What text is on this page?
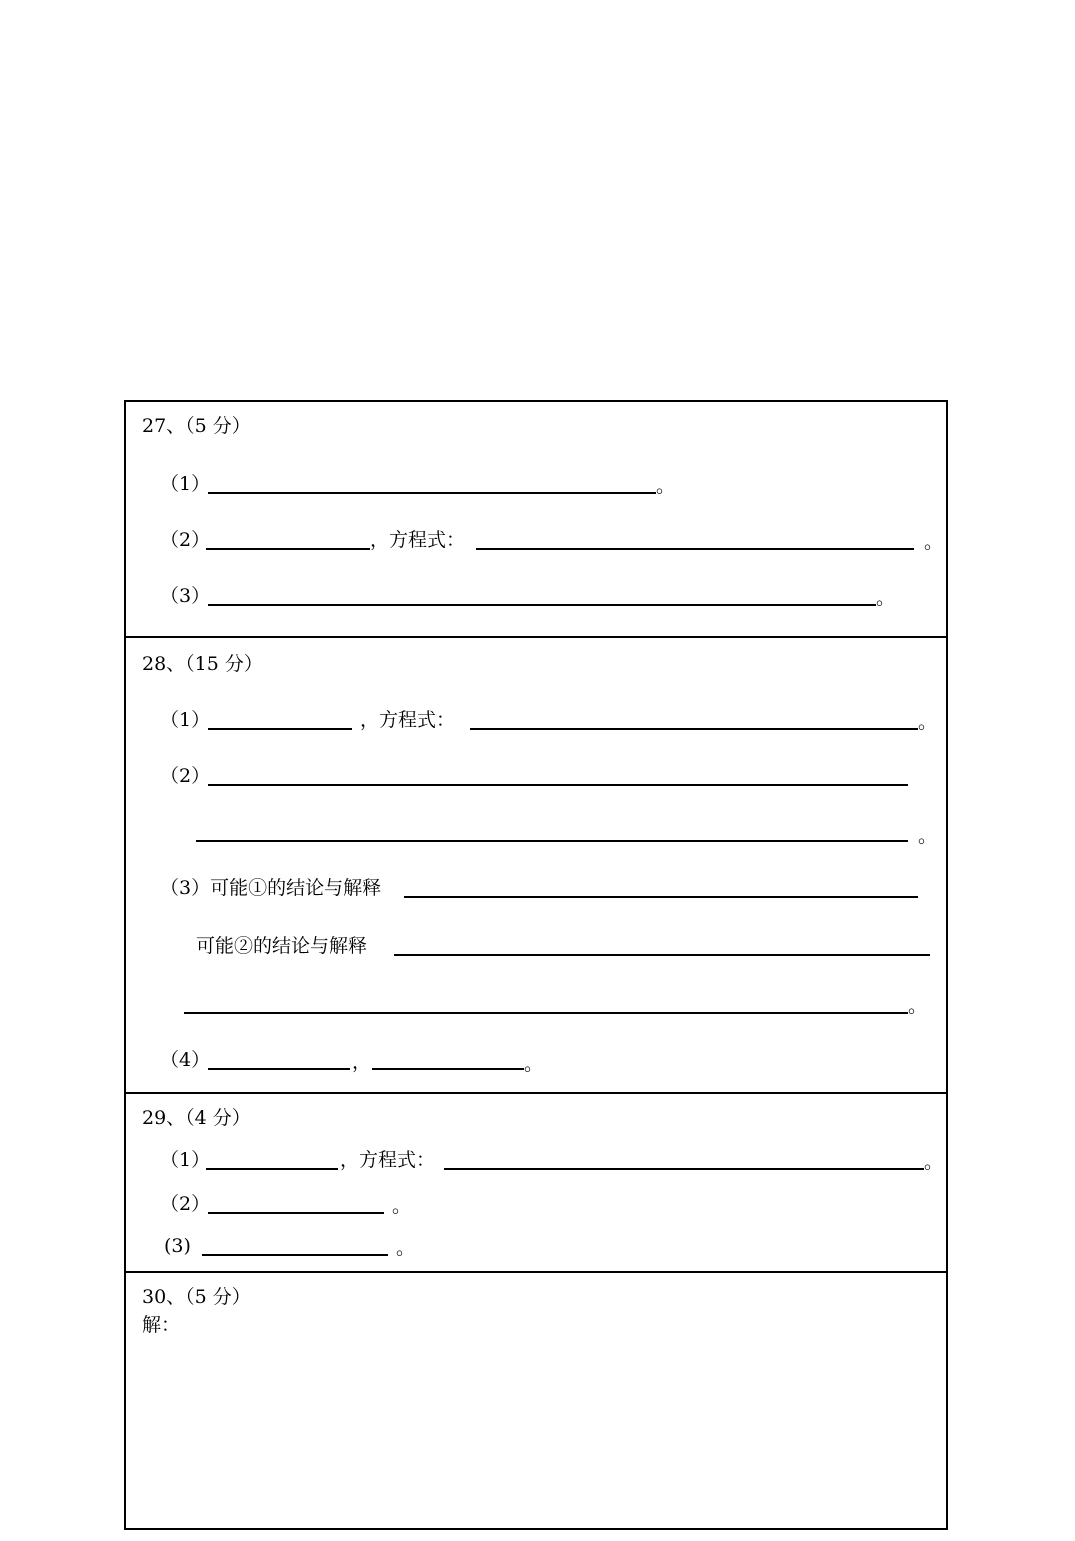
27、（5 分）
（1）	。
（2）	，方程式：	。
（3）	。
28、（15 分）
（1）	，方程式：	。
（2）
。
（3）可能①的结论与解释
可能②的结论与解释
。
（4）	，	。
29、（4 分）
（1）	，方程式：	。
（2）	。
(3)	。
30、（5 分）
解：
